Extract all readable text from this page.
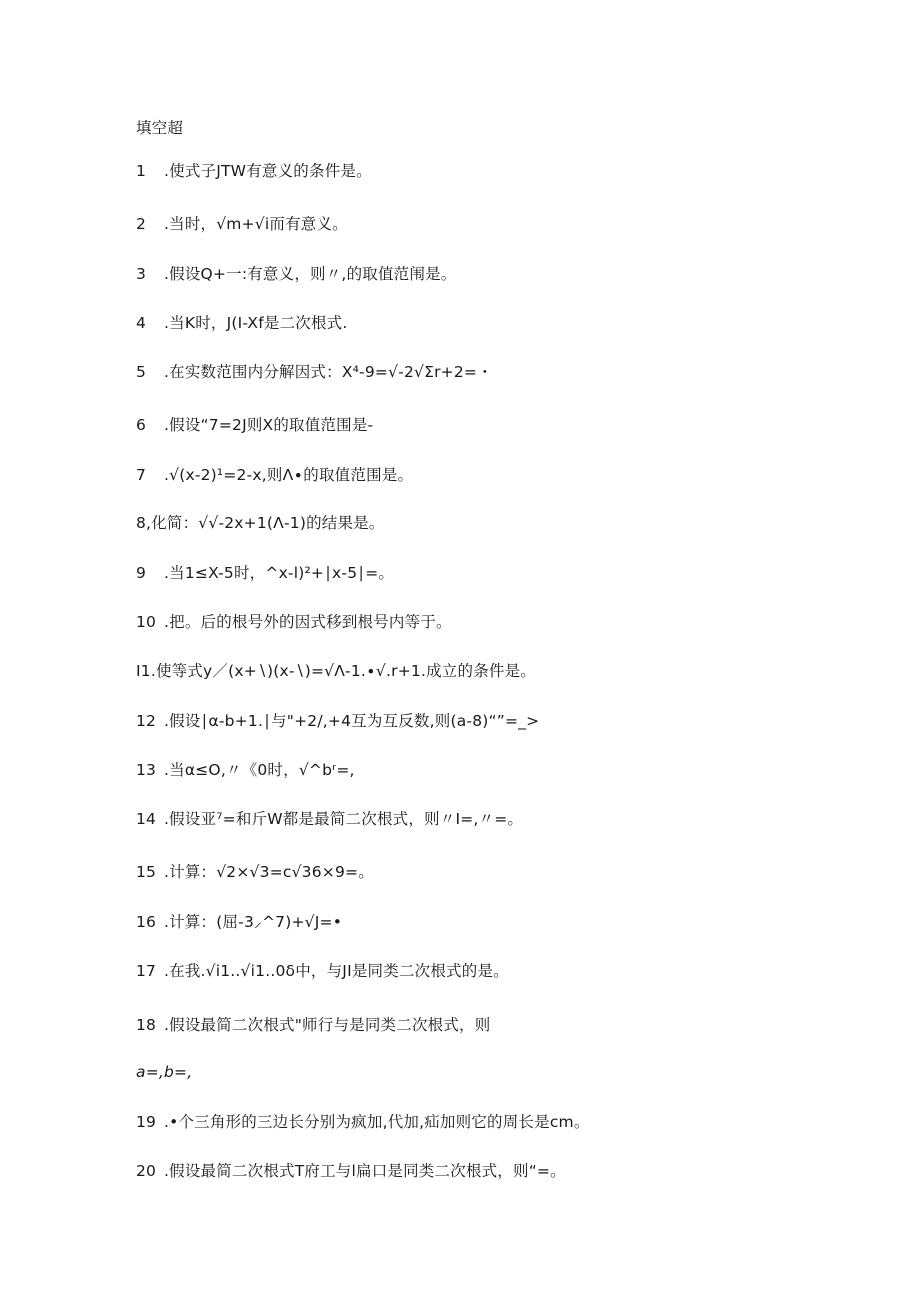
填空超
1 .使式子JTW有意义的条件是。
2 .当时，√m+√i而有意义。
3 .假设Q+一:有意义，则〃,的取值范闱是。
4 .当K时，J(I-Xf是二次根式.
5 .在实数范围内分解因式：X⁴-9=√-2√Σr+2=・
6 .假设“7=2J则X的取值范围是-
7 .√(x-2)¹=2-x,则Λ∙的取值范围是。
8,化简：√√-2x+1(Λ-1)的结果是。
9 .当1≤X-5时，^x-l)²+∣x-5∣=。
10 .把。后的根号外的因式移到根号内等于。
I1.使等式y／(x+∖)(x-∖)=√Λ-1.∙√.r+1.成立的条件是。
12 .假设∣α-b+1.∣与"+2/,+4互为互反数,则(a-8)“”=_>
13 .当α≤O,〃《0时，√^bʳ=,
14 .假设亚⁷=和斤W都是最简二次根式，则〃I=,〃=。
15 .计算：√2×√3=c√36×9=。
16 .计算：(屈-3⸝^7)+√J=•
17 .在我.√i1..√i1..0δ中，与JI是同类二次根式的是。
18 .假设最简二次根式"师行与是同类二次根式，则
a=,b=,
19 .•个三角形的三边长分别为疯加,代加,疝加则它的周长是cm。
20 .假设最简二次根式T府工与l扁口是同类二次根式，则“=。
